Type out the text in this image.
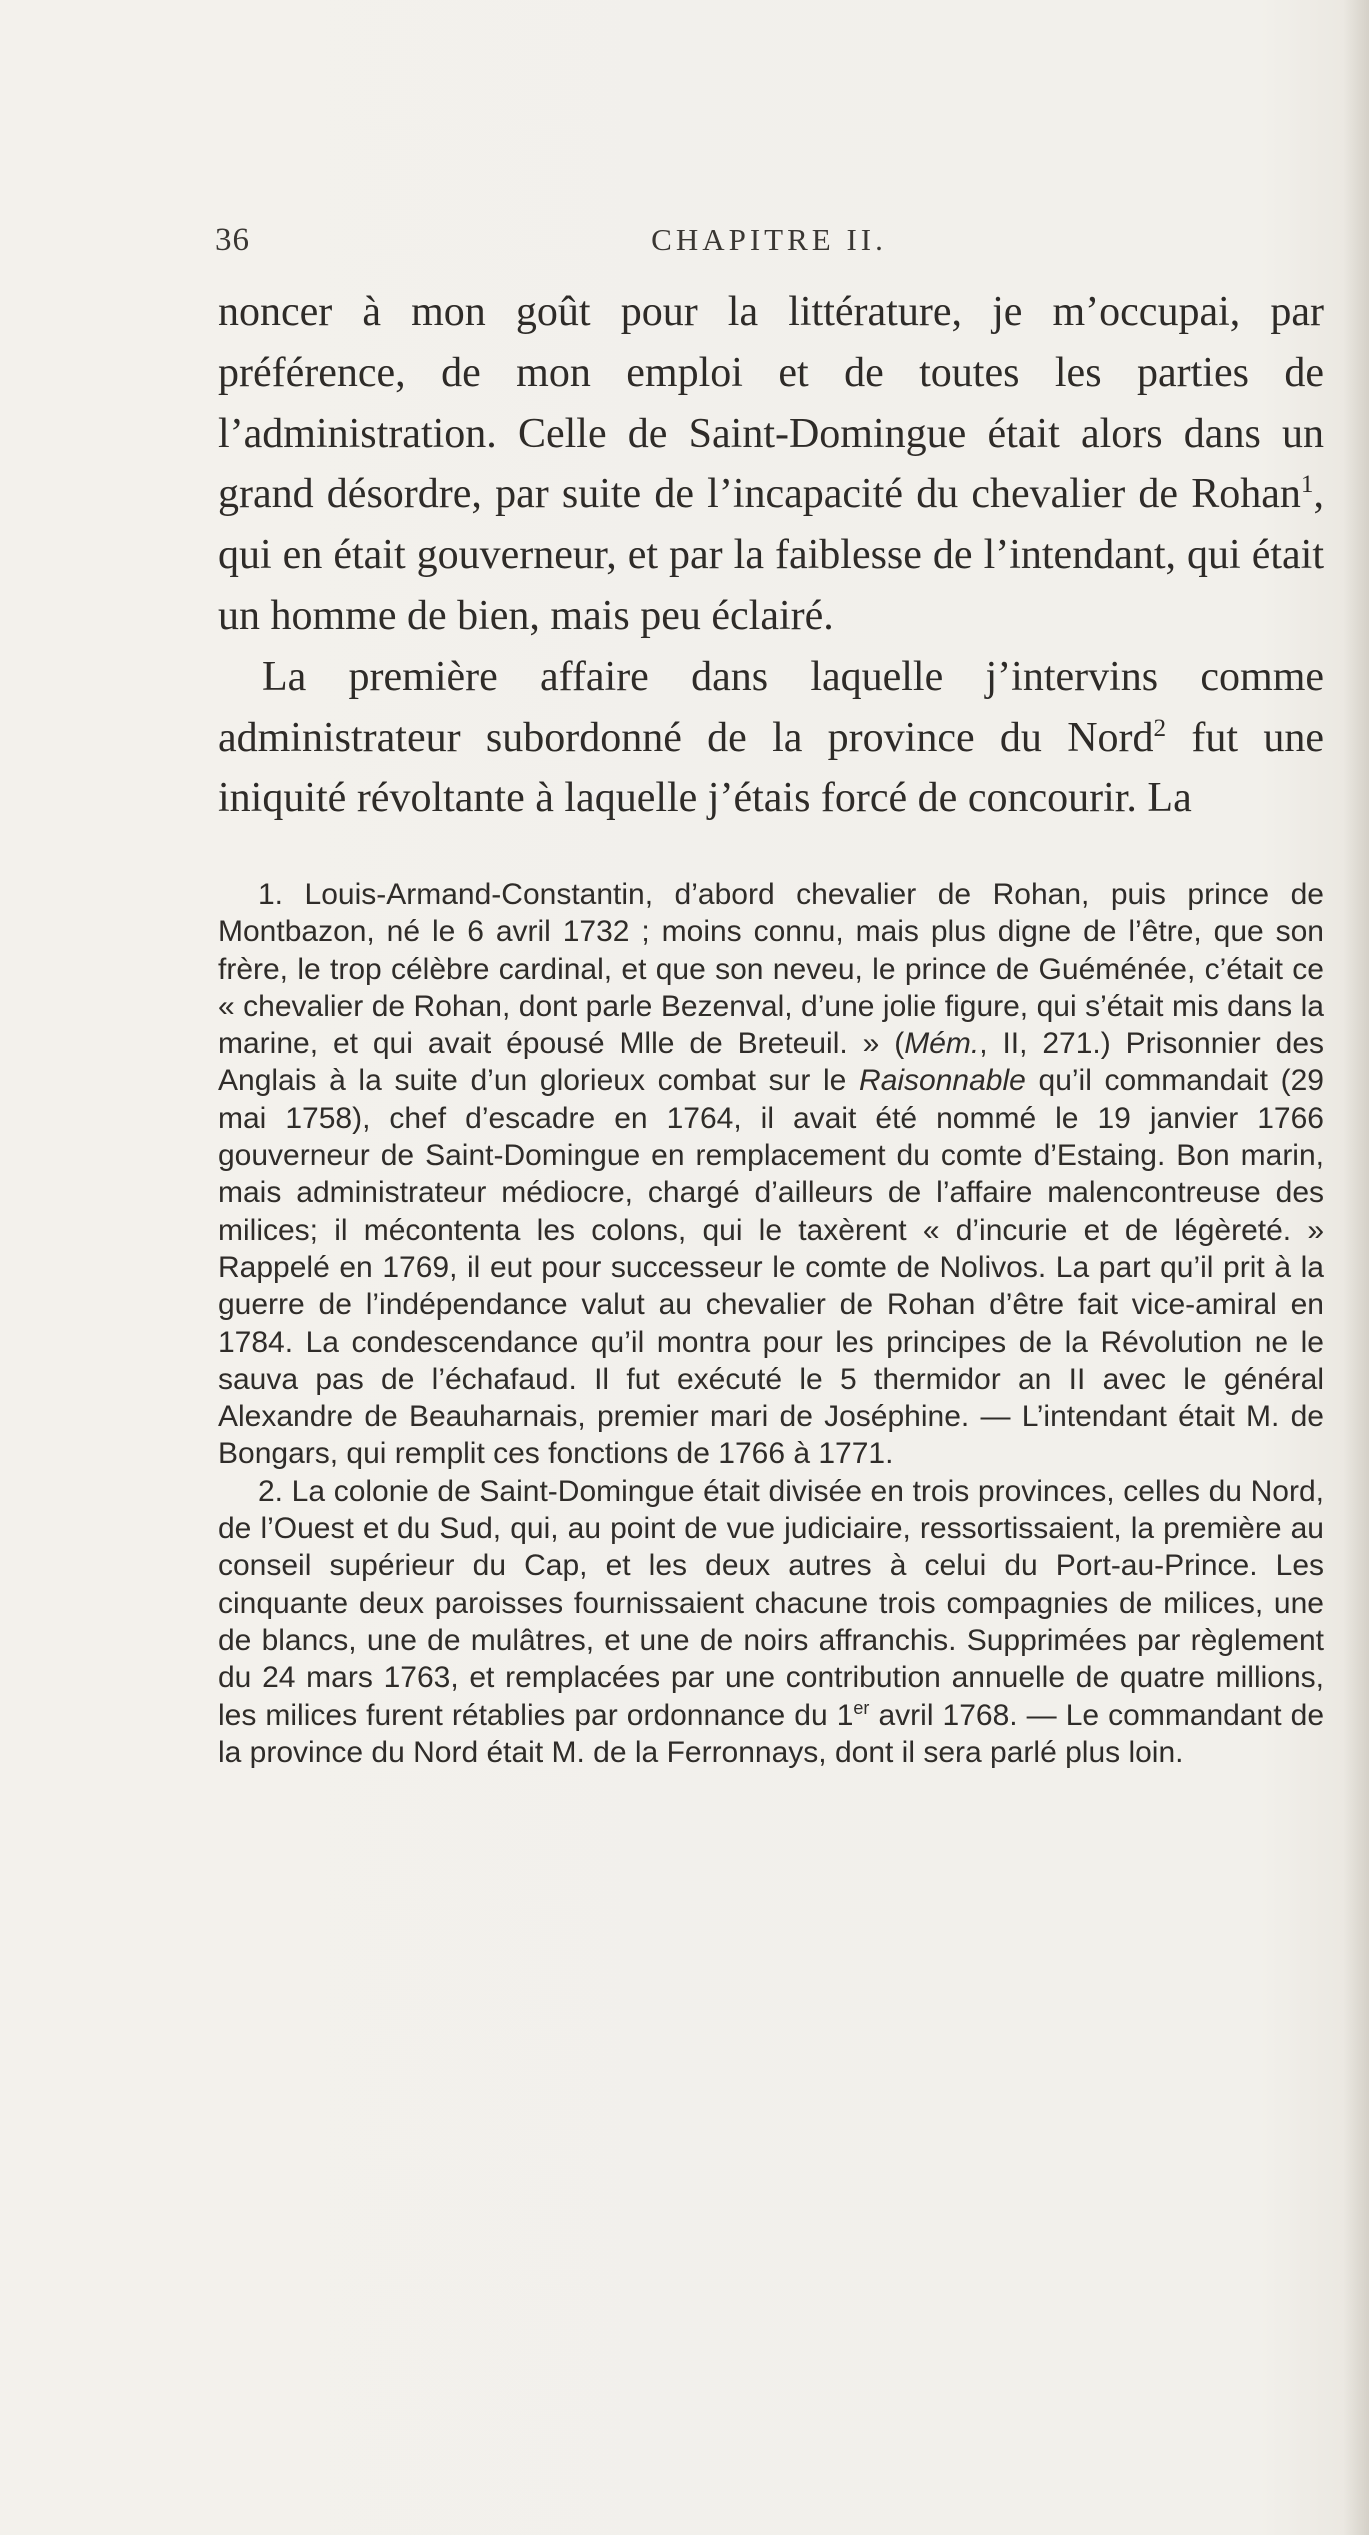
36	CHAPITRE II.

noncer à mon goût pour la littérature, je m’occupai, par préférence, de mon emploi et de toutes les parties de l’administration. Celle de Saint-Domingue était alors dans un grand désordre, par suite de l’incapacité du chevalier de Rohan$^1$, qui en était gouverneur, et par la faiblesse de l’intendant, qui était un homme de bien, mais peu éclairé.

La première affaire dans laquelle j’intervins comme administrateur subordonné de la province du Nord$^2$ fut une iniquité révoltante à laquelle j’étais forcé de concourir. La

1. Louis-Armand-Constantin, d’abord chevalier de Rohan, puis prince de Montbazon, né le 6 avril 1732 ; moins connu, mais plus digne de l’être, que son frère, le trop célèbre cardinal, et que son neveu, le prince de Guéménée, c’était ce « chevalier de Rohan, dont parle Bezenval, d’une jolie figure, qui s’était mis dans la marine, et qui avait épousé Mlle de Breteuil. » (Mém., II, 271.) Prisonnier des Anglais à la suite d’un glorieux combat sur le Raisonnable qu’il commandait (29 mai 1758), chef d’escadre en 1764, il avait été nommé le 19 janvier 1766 gouverneur de Saint-Domingue en remplacement du comte d’Estaing. Bon marin, mais administrateur médiocre, chargé d’ailleurs de l’affaire malencontreuse des milices; il mécontenta les colons, qui le taxèrent « d’incurie et de légèreté. » Rappelé en 1769, il eut pour successeur le comte de Nolivos. La part qu’il prit à la guerre de l’indépendance valut au chevalier de Rohan d’être fait vice-amiral en 1784. La condescendance qu’il montra pour les principes de la Révolution ne le sauva pas de l’échafaud. Il fut exécuté le 5 thermidor an II avec le général Alexandre de Beauharnais, premier mari de Joséphine. — L’intendant était M. de Bongars, qui remplit ces fonctions de 1766 à 1771.

2. La colonie de Saint-Domingue était divisée en trois provinces, celles du Nord, de l’Ouest et du Sud, qui, au point de vue judiciaire, ressortissaient, la première au conseil supérieur du Cap, et les deux autres à celui du Port-au-Prince. Les cinquante deux paroisses fournissaient chacune trois compagnies de milices, une de blancs, une de mulâtres, et une de noirs affranchis. Supprimées par règlement du 24 mars 1763, et remplacées par une contribution annuelle de quatre millions, les milices furent rétablies par ordonnance du 1er avril 1768. — Le commandant de la province du Nord était M. de la Ferronnays, dont il sera parlé plus loin.
